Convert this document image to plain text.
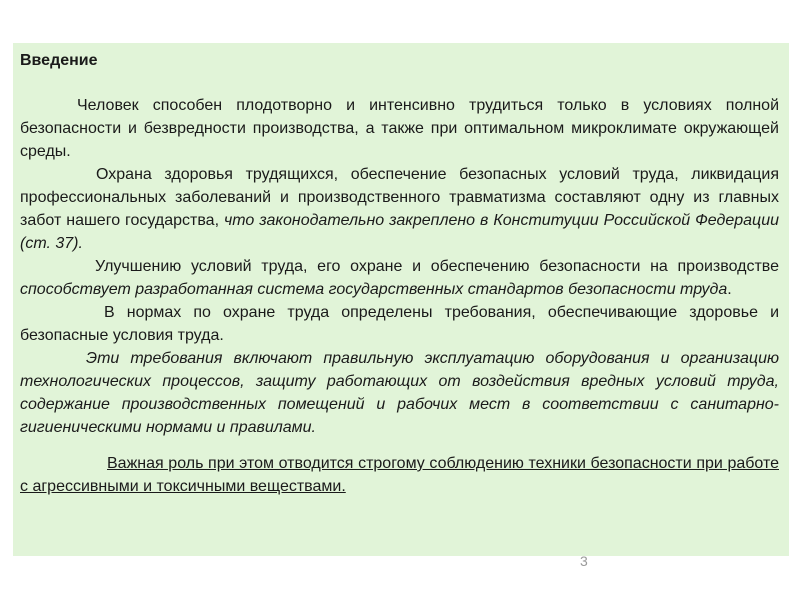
Введение
Человек способен плодотворно и интенсивно трудиться только в условиях полной безопасности и безвредности производства, а также при оптимальном микроклимате окружающей среды.
Охрана здоровья трудящихся, обеспечение безопасных условий труда, ликвидация профессиональных заболеваний и производственного травматизма составляют одну из главных забот нашего государства, что законодательно закреплено в Конституции Российской Федерации (ст. 37).
Улучшению условий труда, его охране и обеспечению безопасности на производстве способствует разработанная система государственных стандартов безопасности труда.
В нормах по охране труда определены требования, обеспечивающие здоровье и безопасные условия труда.
Эти требования включают правильную эксплуатацию оборудования и организацию технологических процессов, защиту работающих от воздействия вредных условий труда, содержание производственных помещений и рабочих мест в соответствии с санитарно-гигиеническими нормами и правилами.
Важная роль при этом отводится строгому соблюдению техники безопасности при работе с агрессивными и токсичными веществами.
3
